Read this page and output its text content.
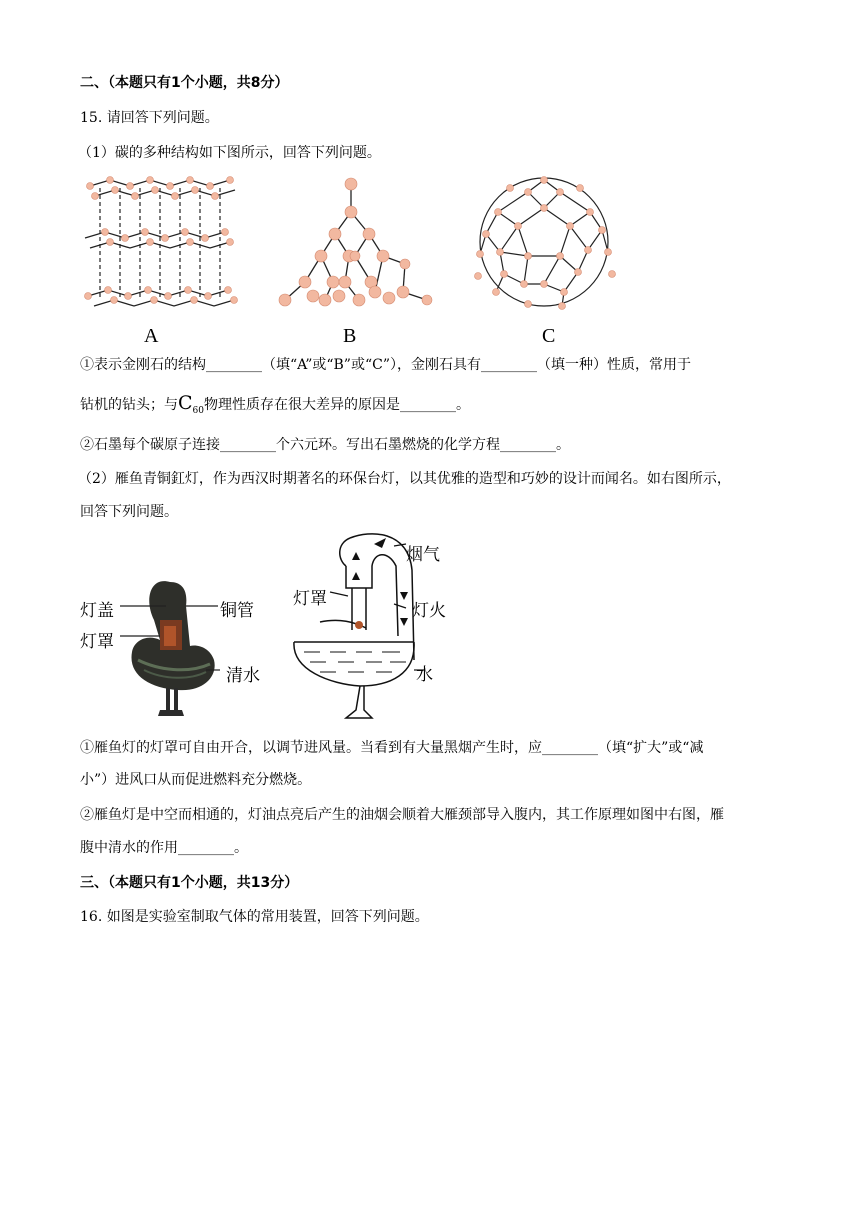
二、（本题只有1个小题，共8分）
15. 请回答下列问题。
（1）碳的多种结构如下图所示，回答下列问题。
A	B	C
①表示金刚石的结构________（填“A”或“B”或“C”），金刚石具有________（填一种）性质，常用于
钻机的钻头；与$C_{60}$物理性质存在很大差异的原因是________。
②石墨每个碳原子连接________个六元环。写出石墨燃烧的化学方程________。
（2）雁鱼青铜釭灯，作为西汉时期著名的环保台灯，以其优雅的造型和巧妙的设计而闻名。如右图所示，
回答下列问题。
灯盖
灯罩
铜管
清水
烟气
灯罩
灯火
水
①雁鱼灯的灯罩可自由开合，以调节进风量。当看到有大量黑烟产生时，应________（填“扩大”或“减
小”）进风口从而促进燃料充分燃烧。
②雁鱼灯是中空而相通的，灯油点亮后产生的油烟会顺着大雁颈部导入腹内，其工作原理如图中右图，雁
腹中清水的作用________。
三、（本题只有1个小题，共13分）
16. 如图是实验室制取气体的常用装置，回答下列问题。
